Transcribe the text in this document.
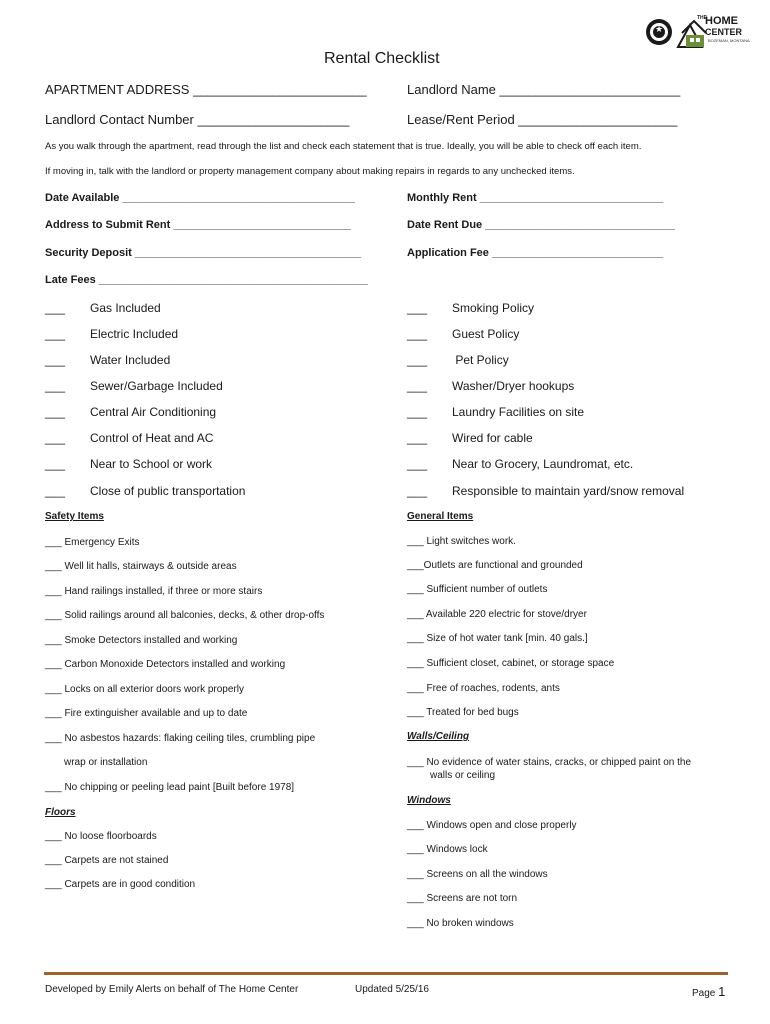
★
THE
HOME
CENTER
BOZEMAN, MONTANA
Rental Checklist
APARTMENT ADDRESS ________________________	Landlord Name _________________________
Landlord Contact Number _____________________	Lease/Rent Period ______________________
As you walk through the apartment, read through the list and check each statement that is true. Ideally, you will be able to check off each item.
If moving in, talk with the landlord or property management company about making repairs in regards to any unchecked items.
Date Available ______________________________________	Monthly Rent ______________________________
Address to Submit Rent _____________________________	Date Rent Due _______________________________
Security Deposit _____________________________________	Application Fee ____________________________
Late Fees ____________________________________________
___ Gas Included
___ Electric Included
___ Water Included
___ Sewer/Garbage Included
___ Central Air Conditioning
___ Control of Heat and AC
___ Near to School or work
___ Close of public transportation
___ Smoking Policy
___ Guest Policy
___ Pet Policy
___ Washer/Dryer hookups
___ Laundry Facilities on site
___ Wired for cable
___ Near to Grocery, Laundromat, etc.
___ Responsible to maintain yard/snow removal
Safety Items
___ Emergency Exits
___ Well lit halls, stairways & outside areas
___ Hand railings installed, if three or more stairs
___ Solid railings around all balconies, decks, & other drop-offs
___ Smoke Detectors installed and working
___ Carbon Monoxide Detectors installed and working
___ Locks on all exterior doors work properly
___ Fire extinguisher available and up to date
___ No asbestos hazards: flaking ceiling tiles, crumbling pipe
wrap or installation
___ No chipping or peeling lead paint [Built before 1978]
Floors
___ No loose floorboards
___ Carpets are not stained
___ Carpets are in good condition
General Items
___ Light switches work.
___Outlets are functional and grounded
___ Sufficient number of outlets
___ Available 220 electric for stove/dryer
___ Size of hot water tank [min. 40 gals.]
___ Sufficient closet, cabinet, or storage space
___ Free of roaches, rodents, ants
___ Treated for bed bugs
Walls/Ceiling
___ No evidence of water stains, cracks, or chipped paint on the
walls or ceiling
Windows
___ Windows open and close properly
___ Windows lock
___ Screens on all the windows
___ Screens are not torn
___ No broken windows
Developed by Emily Alerts on behalf of The Home Center	Updated 5/25/16	Page 1
